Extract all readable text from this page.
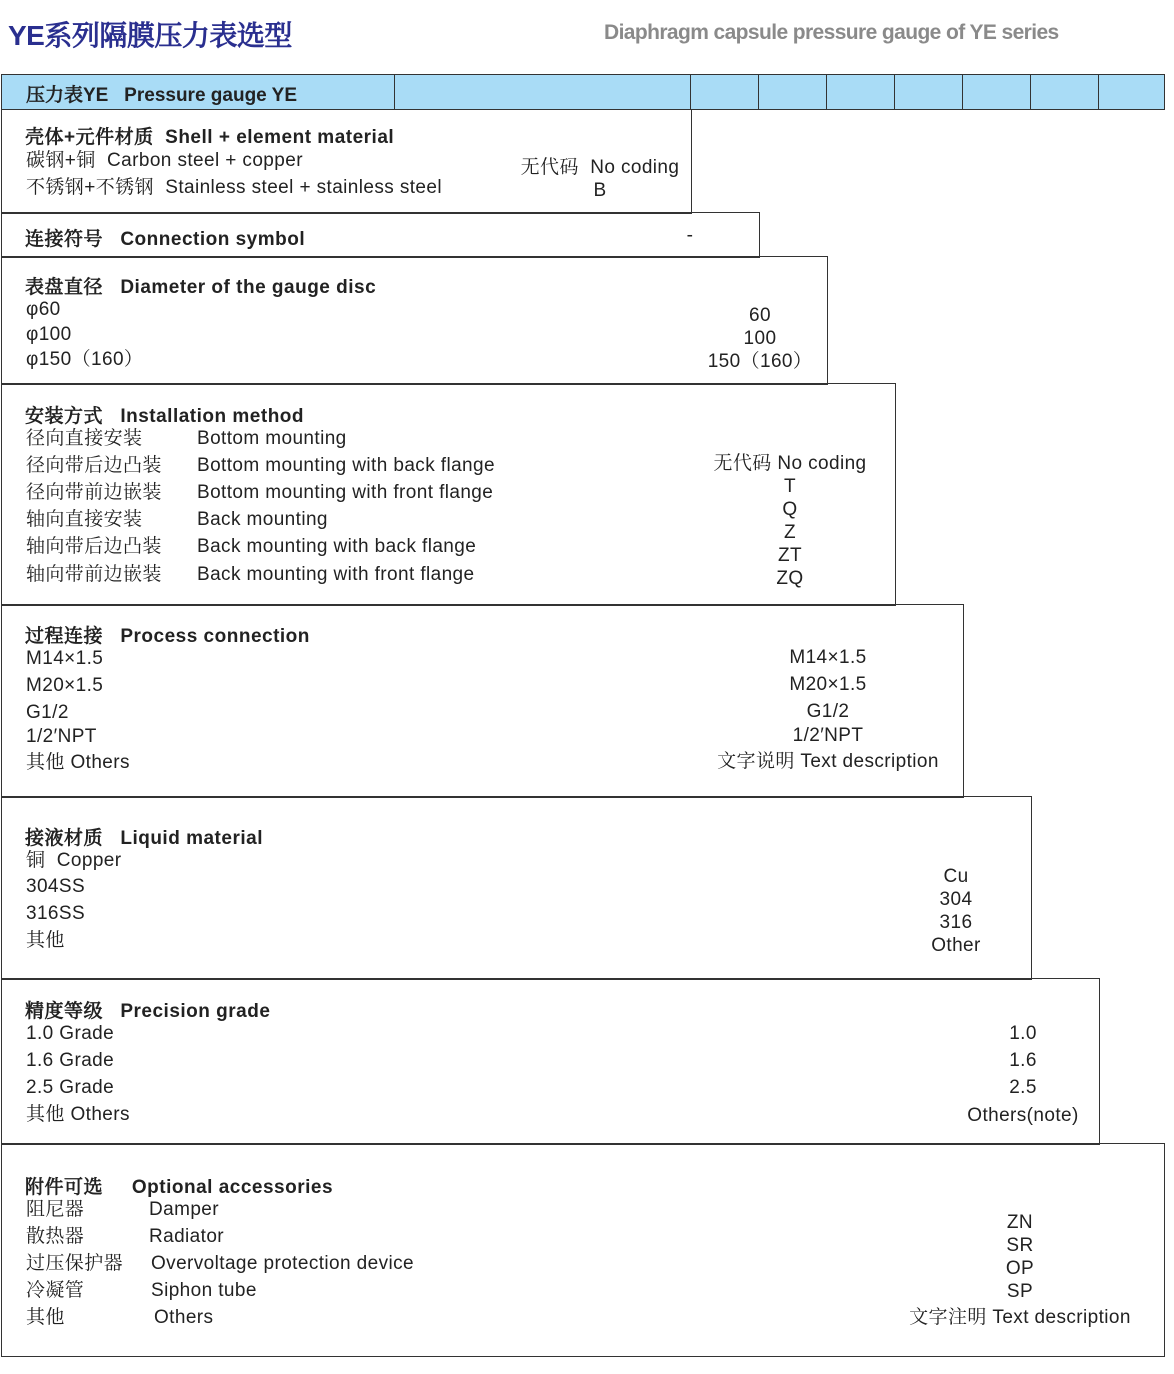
YE系列隔膜压力表选型	Diaphragm capsule pressure gauge of YE series
压力表YE   Pressure gauge YE
壳体+元件材质  Shell + element material
碳钢+铜  Carbon steel + copper
不锈钢+不锈钢  Stainless steel + stainless steel
无代码  No coding
B
连接符号   Connection symbol	-
表盘直径   Diameter of the gauge disc
φ60
φ100
φ150（160）
60
100
150（160）
安装方式   Installation method
径向直接安装
径向带后边凸装
径向带前边嵌装
轴向直接安装
轴向带后边凸装
轴向带前边嵌装
Bottom mounting
Bottom mounting with back flange
Bottom mounting with front flange
Back mounting
Back mounting with back flange
Back mounting with front flange
无代码 No coding
T
Q
Z
ZT
ZQ
过程连接   Process connection
M14×1.5
M20×1.5
G1/2
1/2′NPT
其他 Others
M14×1.5
M20×1.5
G1/2
1/2′NPT
文字说明 Text description
接液材质   Liquid material
铜  Copper
304SS
316SS
其他
Cu
304
316
Other
精度等级   Precision grade
1.0 Grade
1.6 Grade
2.5 Grade
其他 Others
1.0
1.6
2.5
Others(note)
附件可选     Optional accessories
阻尼器
散热器
过压保护器
冷凝管
其他
Damper
Radiator
Overvoltage protection device
Siphon tube
Others
ZN
SR
OP
SP
文字注明 Text description
